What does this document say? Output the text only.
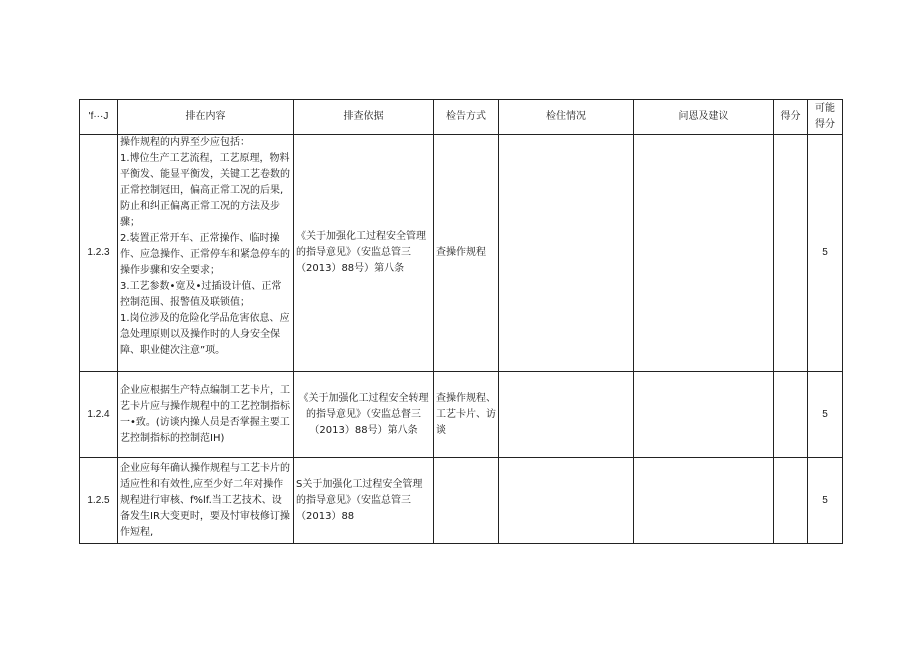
'f···J	排在内容	排查依据	检告方式	检住情况	问恩及建议	得分	可能
得分
1.2.3	操作规程的内界至少应包括：
1.博位生产工艺流程，工艺原理，物料平衡发、能显平衡发，关键工艺卷数的正常控制冠田，偏高正常工况的后果,防止和纠正偏离正常工况的方法及步骤；
2.装置正常开车、正常操作、临时操作、应急操作、正常停车和紧急停车的操作步骤和安全要求；
3.工艺参数•宽及•过插设计值、正常控制范围、报警值及联锁值；
1.岗位涉及的危险化学品危害依息、应急处理原则以及操作时的人身安全保障、职业健次注意”项。	《关于加强化工过程安全管理的指导意见》（安监总管三（2013）88号）第八条	查操作规程				5
1.2.4	企业应根据生产特点编制工艺卡片，工艺卡片应与操作规程中的工艺控制指标一•致。(访谈内操人员是否掌握主要工艺控制指标的控制范IH)	《关于加强化工过程安全转理的指导意见》（安监总督三（2013）88号）第八条	查操作规程、工艺卡片、访谈				5
1.2.5	企业应每年确认操作规程与工艺卡片的适应性和有效性,应至少好二年对操作规程进行审核、f%lf.当工艺技术、设备发生IR大变更时，要及忖审枝修订操作短程,	S关于加强化工过程安全管理的指导意见》（安监总管三（2013）88					5
